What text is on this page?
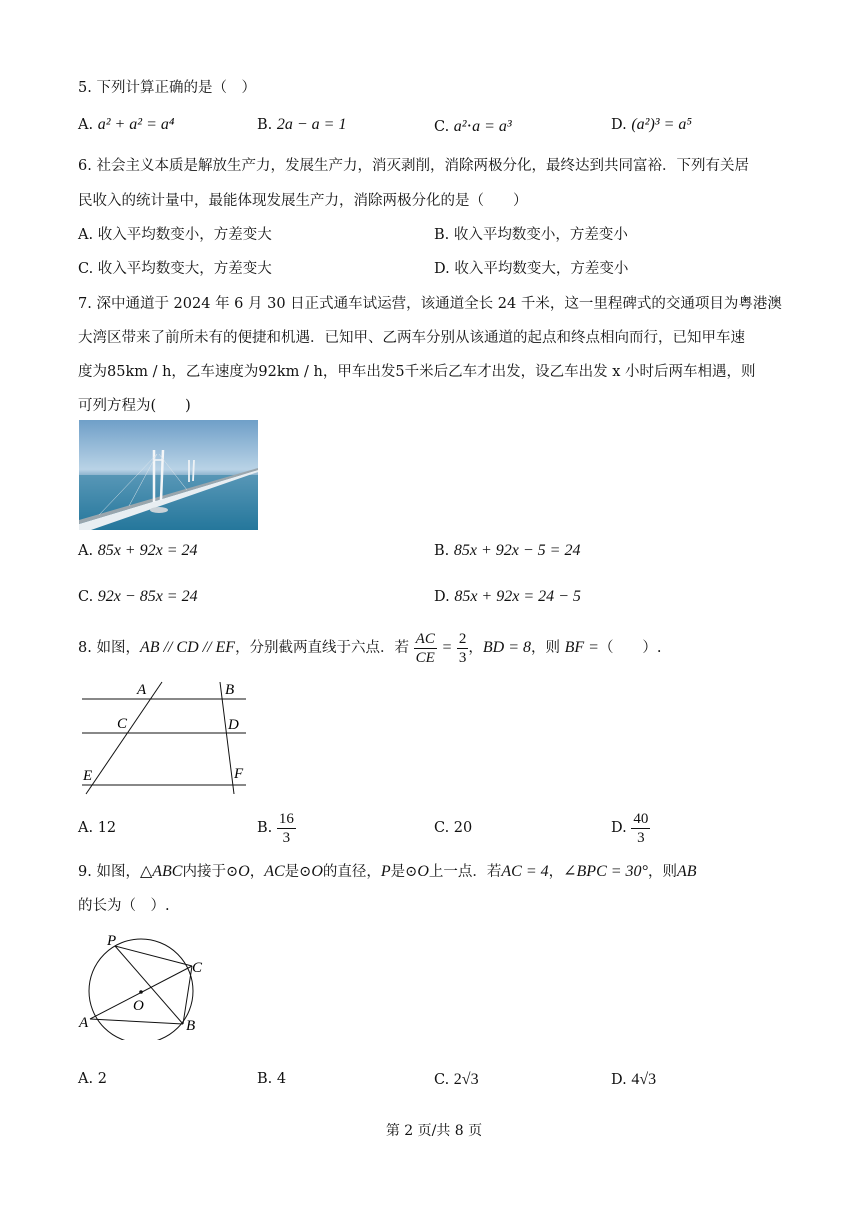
5. 下列计算正确的是（　）
A. a² + a² = a⁴	B. 2a − a = 1	C. a²⋅a = a³	D. (a²)³ = a⁵
6. 社会主义本质是解放生产力，发展生产力，消灭剥削，消除两极分化，最终达到共同富裕．下列有关居
民收入的统计量中，最能体现发展生产力，消除两极分化的是（　　）
A. 收入平均数变小，方差变大	B. 收入平均数变小，方差变小
C. 收入平均数变大，方差变大	D. 收入平均数变大，方差变小
7. 深中通道于 2024 年 6 月 30 日正式通车试运营，该通道全长 24 千米，这一里程碑式的交通项目为粤港澳
大湾区带来了前所未有的便捷和机遇．已知甲、乙两车分别从该通道的起点和终点相向而行，已知甲车速
度为85km / h，乙车速度为92km / h，甲车出发5千米后乙车才出发，设乙车出发 x 小时后两车相遇，则
可列方程为(　　)
A. 85x + 92x = 24	B. 85x + 92x − 5 = 24
C. 92x − 85x = 24	D. 85x + 92x = 24 − 5
8. 如图，AB // CD // EF，分别截两直线于六点．若 $\frac{AC}{CE} = \frac{2}{3}$ ，BD = 8，则 BF =（　　）.
A	B
C	D
E	F
A. 12	B. $\frac{16}{3}$	C. 20	D. $\frac{40}{3}$
9. 如图，△ABC内接于⊙O，AC是⊙O的直径，P是⊙O上一点．若AC = 4，∠BPC = 30°，则AB
的长为（　）.
P
C
O
A	B
A. 2	B. 4	C. 2√3	D. 4√3
第 2 页/共 8 页
